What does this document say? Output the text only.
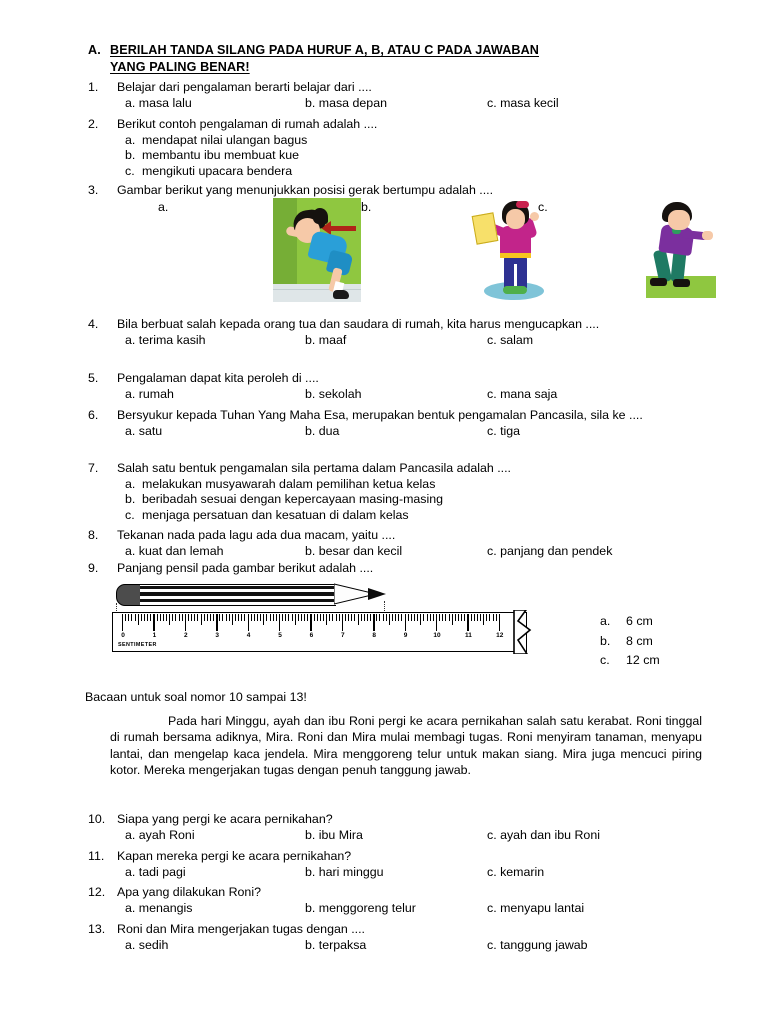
A. BERILAH TANDA SILANG PADA HURUF A, B, ATAU C PADA JAWABAN
YANG PALING BENAR!
1.	Belajar dari pengalaman berarti belajar dari ....
a. masa lalu	b. masa depan	c. masa kecil
2.	Berikut contoh pengalaman di rumah adalah ....
a. mendapat nilai ulangan bagus
b. membantu ibu membuat kue
c. mengikuti upacara bendera
3.	Gambar berikut yang menunjukkan posisi gerak bertumpu adalah ....
a.	b.	c.
4.	Bila berbuat salah kepada orang tua dan saudara di rumah, kita harus mengucapkan ....
a. terima kasih	b. maaf	c. salam
5.	Pengalaman dapat kita peroleh di ....
a. rumah	b. sekolah	c. mana saja
6.	Bersyukur kepada Tuhan Yang Maha Esa, merupakan bentuk pengamalan Pancasila, sila ke ....
a. satu	b. dua	c. tiga
7.	Salah satu bentuk pengamalan sila pertama dalam Pancasila adalah ....
a. melakukan musyawarah dalam pemilihan ketua kelas
b. beribadah sesuai dengan kepercayaan masing-masing
c. menjaga persatuan dan kesatuan di dalam kelas
8.	Tekanan nada pada lagu ada dua macam, yaitu ....
a. kuat dan lemah	b. besar dan kecil	c. panjang dan pendek
9.	Panjang pensil pada gambar berikut adalah ....
0	1	2	3	4	5	6	7	8	9	10	11	12
SENTIMETER
a. 6 cm
b. 8 cm
c. 12 cm
Bacaan untuk soal nomor 10 sampai 13!
Pada hari Minggu, ayah dan ibu Roni pergi ke acara pernikahan salah satu kerabat. Roni tinggal di rumah bersama adiknya, Mira. Roni dan Mira mulai membagi tugas. Roni menyiram tanaman, menyapu lantai, dan mengelap kaca jendela. Mira menggoreng telur untuk makan siang. Mira juga mencuci piring kotor. Mereka mengerjakan tugas dengan penuh tanggung jawab.
10. Siapa yang pergi ke acara pernikahan?
a. ayah Roni	b. ibu Mira	c. ayah dan ibu Roni
11.	Kapan mereka pergi ke acara pernikahan?
a. tadi pagi	b. hari minggu	c. kemarin
12. Apa yang dilakukan Roni?
a. menangis	b. menggoreng telur	c. menyapu lantai
13. Roni dan Mira mengerjakan tugas dengan ....
a. sedih	b. terpaksa	c. tanggung jawab
